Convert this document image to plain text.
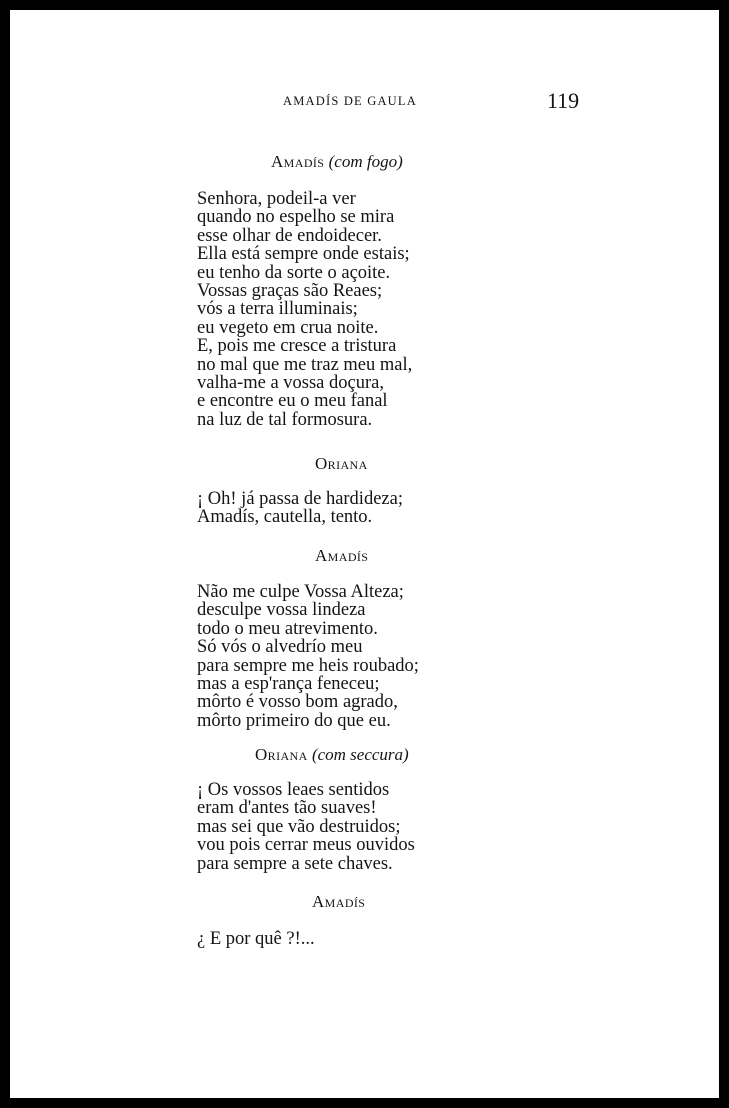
AMADÍS DE GAULA	119
Amadís (com fogo)
Senhora, podeil-a ver
quando no espelho se mira
esse olhar de endoidecer.
Ella está sempre onde estais;
eu tenho da sorte o açoite.
Vossas graças são Reaes;
vós a terra illuminais;
eu vegeto em crua noite.
E, pois me cresce a tristura
no mal que me traz meu mal,
valha-me a vossa doçura,
e encontre eu o meu fanal
na luz de tal formosura.
Oriana
¡ Oh! já passa de hardideza;
Amadís, cautella, tento.
Amadís
Não me culpe Vossa Alteza;
desculpe vossa lindeza
todo o meu atrevimento.
Só vós o alvedrío meu
para sempre me heis roubado;
mas a esp'rança feneceu;
môrto é vosso bom agrado,
môrto primeiro do que eu.
Oriana (com seccura)
¡ Os vossos leaes sentidos
eram d'antes tão suaves!
mas sei que vão destruidos;
vou pois cerrar meus ouvidos
para sempre a sete chaves.
Amadís
¿ E por quê ?!...
